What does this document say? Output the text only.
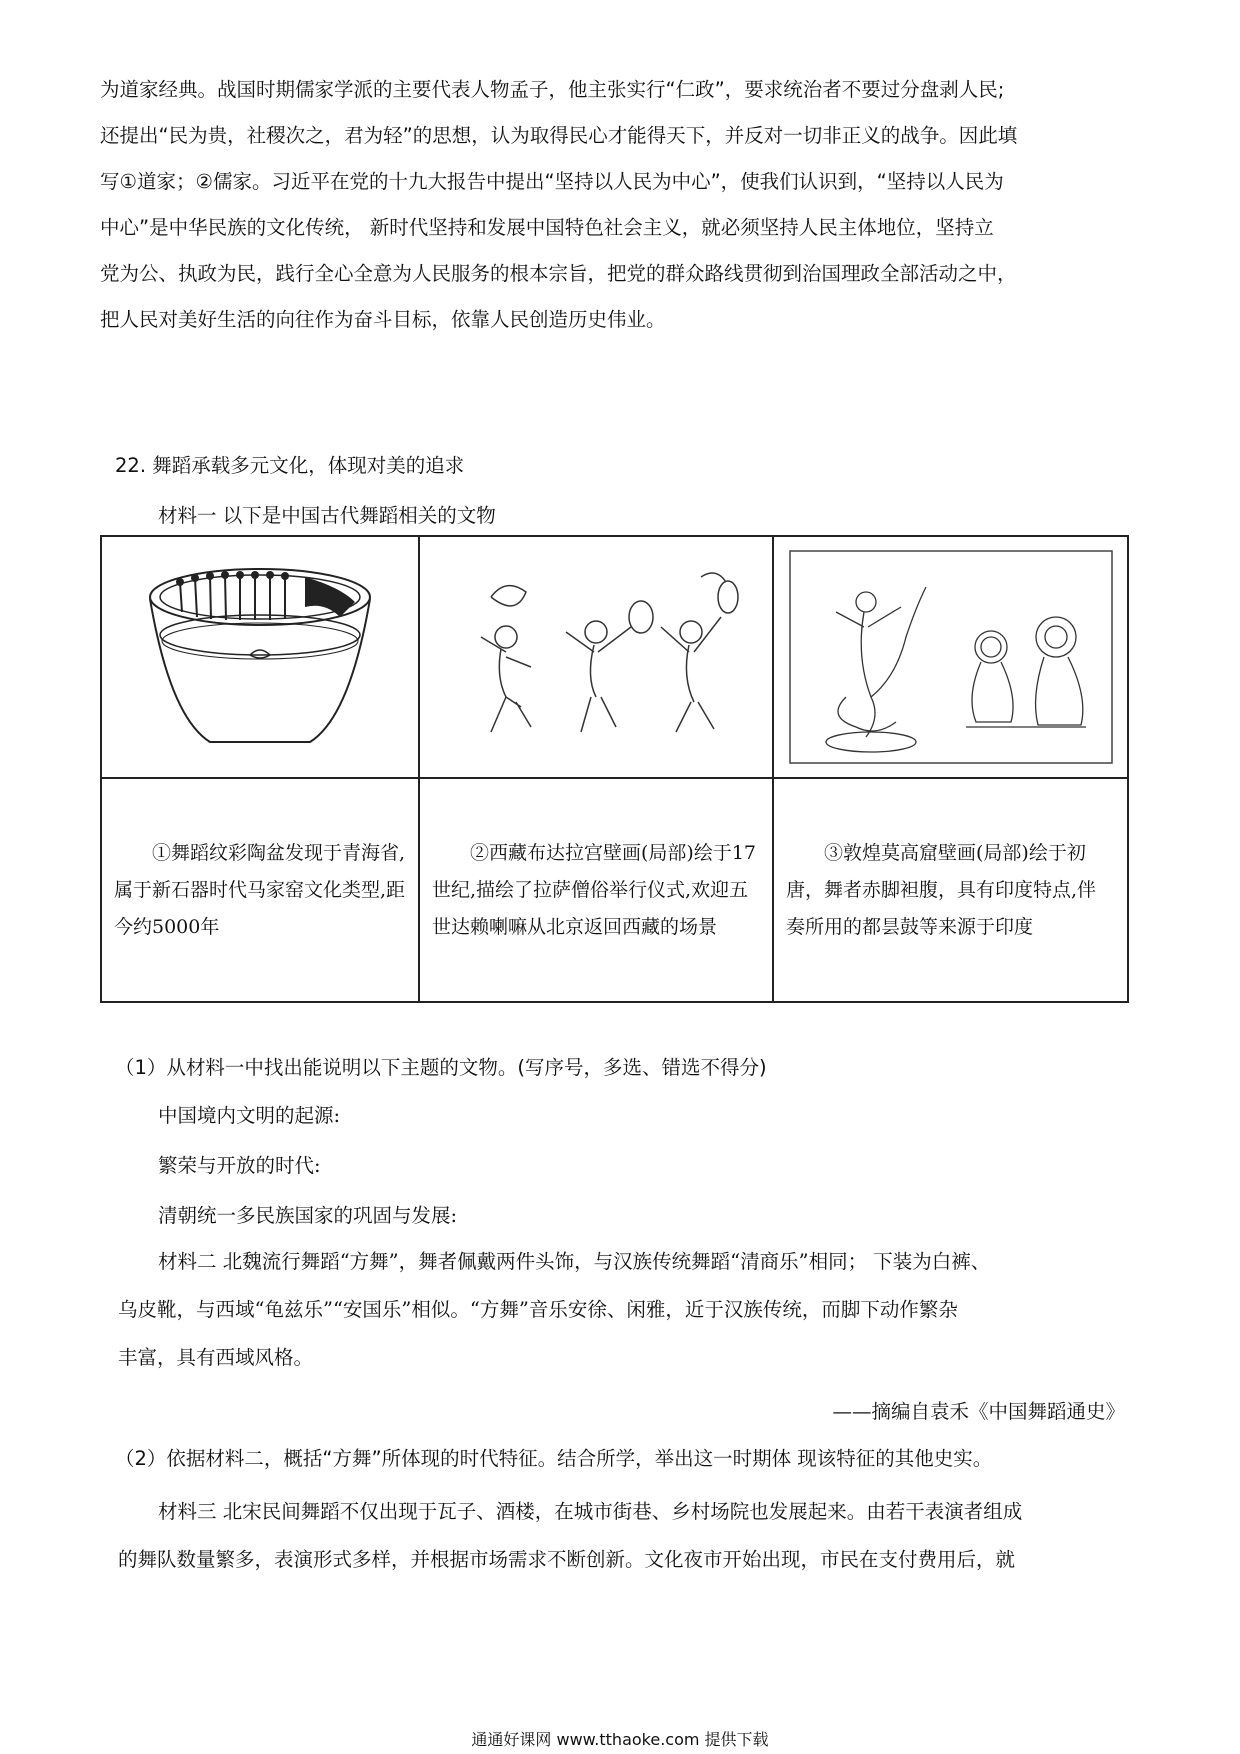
为道家经典。战国时期儒家学派的主要代表人物孟子，他主张实行“仁政”，要求统治者不要过分盘剥人民;
还提出“民为贵，社稷次之，君为轻”的思想，认为取得民心才能得天下，并反对一切非正义的战争。因此填
写①道家；②儒家。习近平在党的十九大报告中提出“坚持以人民为中心”，使我们认识到，“坚持以人民为
中心”是中华民族的文化传统， 新时代坚持和发展中国特色社会主义，就必须坚持人民主体地位，坚持立
党为公、执政为民，践行全心全意为人民服务的根本宗旨，把党的群众路线贯彻到治国理政全部活动之中，
把人民对美好生活的向往作为奋斗目标，依靠人民创造历史伟业。
22. 舞蹈承载多元文化，体现对美的追求
材料一 以下是中国古代舞蹈相关的文物

①舞蹈纹彩陶盆发现于青海省,属于新石器时代马家窑文化类型,距今约5000年	②西藏布达拉宫壁画(局部)绘于17世纪,描绘了拉萨僧俗举行仪式,欢迎五世达赖喇嘛从北京返回西藏的场景	③敦煌莫高窟壁画(局部)绘于初唐，舞者赤脚袒腹，具有印度特点,伴奏所用的都昙鼓等来源于印度
（1）从材料一中找出能说明以下主题的文物。(写序号，多选、错选不得分)
中国境内文明的起源:
繁荣与开放的时代:
清朝统一多民族国家的巩固与发展:
材料二 北魏流行舞蹈“方舞”，舞者佩戴两件头饰，与汉族传统舞蹈“清商乐”相同； 下装为白裤、
乌皮靴，与西域“龟兹乐”“安国乐”相似。“方舞”音乐安徐、闲雅，近于汉族传统，而脚下动作繁杂
丰富，具有西域风格。
——摘编自袁禾《中国舞蹈通史》
（2）依据材料二，概括“方舞”所体现的时代特征。结合所学，举出这一时期体 现该特征的其他史实。
材料三 北宋民间舞蹈不仅出现于瓦子、酒楼，在城市街巷、乡村场院也发展起来。由若干表演者组成
的舞队数量繁多，表演形式多样，并根据市场需求不断创新。文化夜市开始出现，市民在支付费用后，就
通通好课网 www.tthaoke.com 提供下载
